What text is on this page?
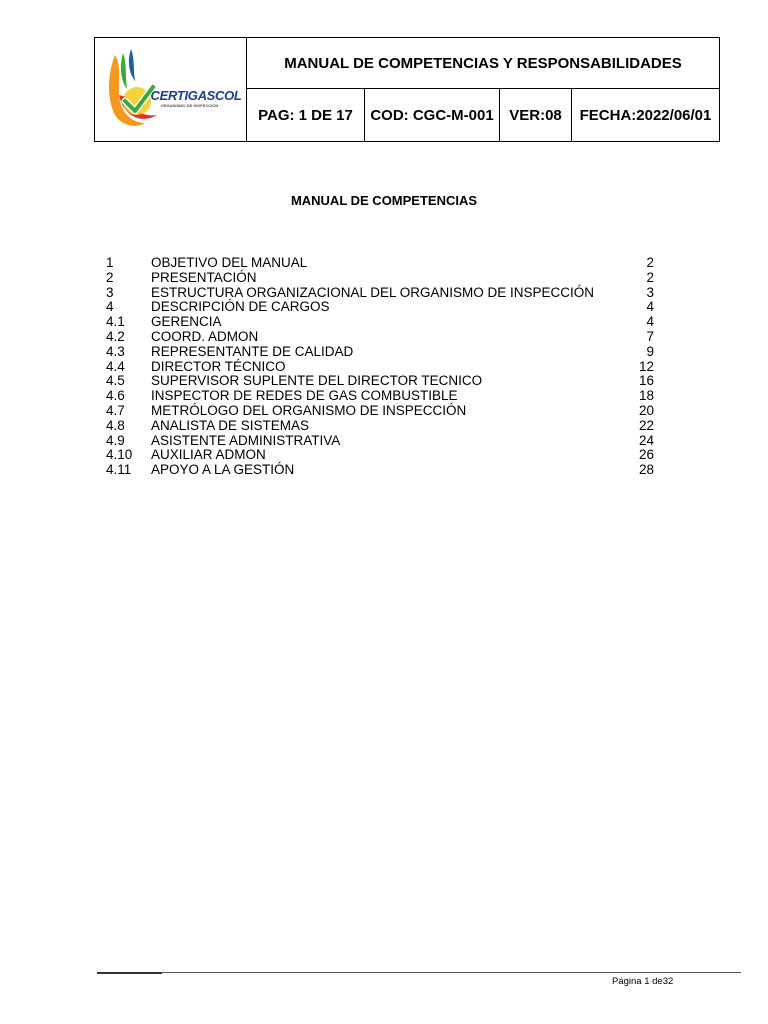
CERTIGASCOL
ORGANISMO DE INSPECCIÓN	MANUAL DE COMPETENCIAS Y RESPONSABILIDADES			
	PAG: 1 DE 17	COD: CGC-M-001	VER:08	FECHA:2022/06/01
MANUAL DE COMPETENCIAS
1	OBJETIVO DEL MANUAL	2
2	PRESENTACIÓN	2
3	ESTRUCTURA ORGANIZACIONAL DEL ORGANISMO DE INSPECCIÓN	3
4	DESCRIPCIÓN DE CARGOS	4
4.1 GERENCIA	4
4.2 COORD. ADMON	7
4.3 REPRESENTANTE DE CALIDAD	9
4.4 DIRECTOR TÉCNICO	12
4.5 SUPERVISOR SUPLENTE DEL DIRECTOR TECNICO	16
4.6 INSPECTOR DE REDES DE GAS COMBUSTIBLE	18
4.7 METRÓLOGO DEL ORGANISMO DE INSPECCIÓN	20
4.8 ANALISTA DE SISTEMAS	22
4.9 ASISTENTE ADMINISTRATIVA	24
4.10 AUXILIAR ADMON	26
4.11 APOYO A LA GESTIÓN	28
Página 1 de32
